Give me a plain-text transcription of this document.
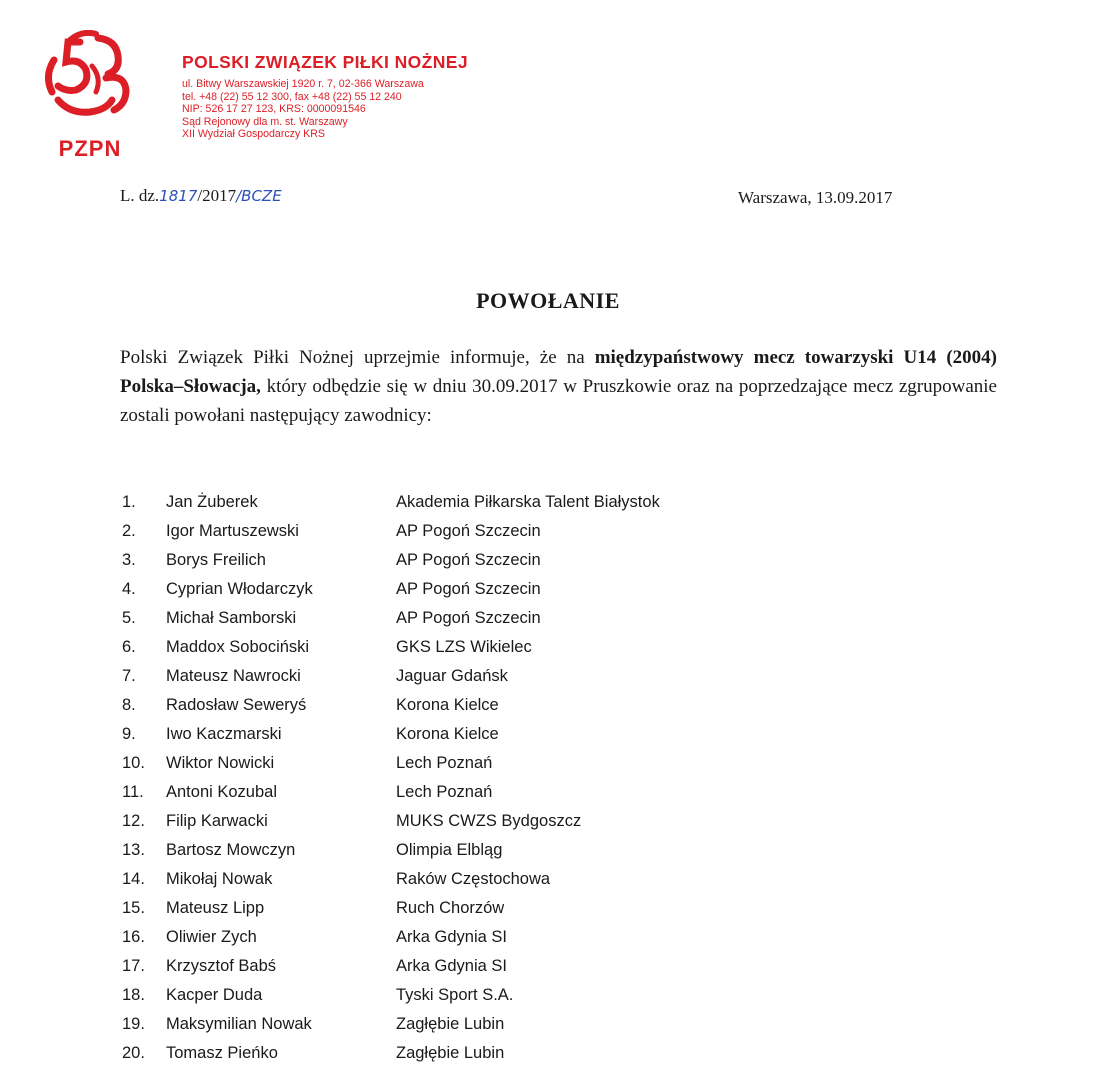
PZPN
POLSKI ZWIĄZEK PIŁKI NOŻNEJ
ul. Bitwy Warszawskiej 1920 r. 7, 02-366 Warszawa
tel. +48 (22) 55 12 300, fax +48 (22) 55 12 240
NIP: 526 17 27 123, KRS: 0000091546
Sąd Rejonowy dla m. st. Warszawy
XII Wydział Gospodarczy KRS
L. dz.1817/2017/BCZE	Warszawa, 13.09.2017
POWOŁANIE
Polski Związek Piłki Nożnej uprzejmie informuje, że na międzypaństwowy mecz towarzyski U14 (2004) Polska–Słowacja, który odbędzie się w dniu 30.09.2017 w Pruszkowie oraz na poprzedzające mecz zgrupowanie zostali powołani następujący zawodnicy:
1. Jan Żuberek	Akademia Piłkarska Talent Białystok
2. Igor Martuszewski	AP Pogoń Szczecin
3. Borys Freilich	AP Pogoń Szczecin
4. Cyprian Włodarczyk	AP Pogoń Szczecin
5. Michał Samborski	AP Pogoń Szczecin
6. Maddox Sobociński	GKS LZS Wikielec
7. Mateusz Nawrocki	Jaguar Gdańsk
8. Radosław Seweryś	Korona Kielce
9. Iwo Kaczmarski	Korona Kielce
10. Wiktor Nowicki	Lech Poznań
11. Antoni Kozubal	Lech Poznań
12. Filip Karwacki	MUKS CWZS Bydgoszcz
13. Bartosz Mowczyn	Olimpia Elbląg
14. Mikołaj Nowak	Raków Częstochowa
15. Mateusz Lipp	Ruch Chorzów
16. Oliwier Zych	Arka Gdynia SI
17. Krzysztof Babś	Arka Gdynia SI
18. Kacper Duda	Tyski Sport S.A.
19. Maksymilian Nowak	Zagłębie Lubin
20. Tomasz Pieńko	Zagłębie Lubin
